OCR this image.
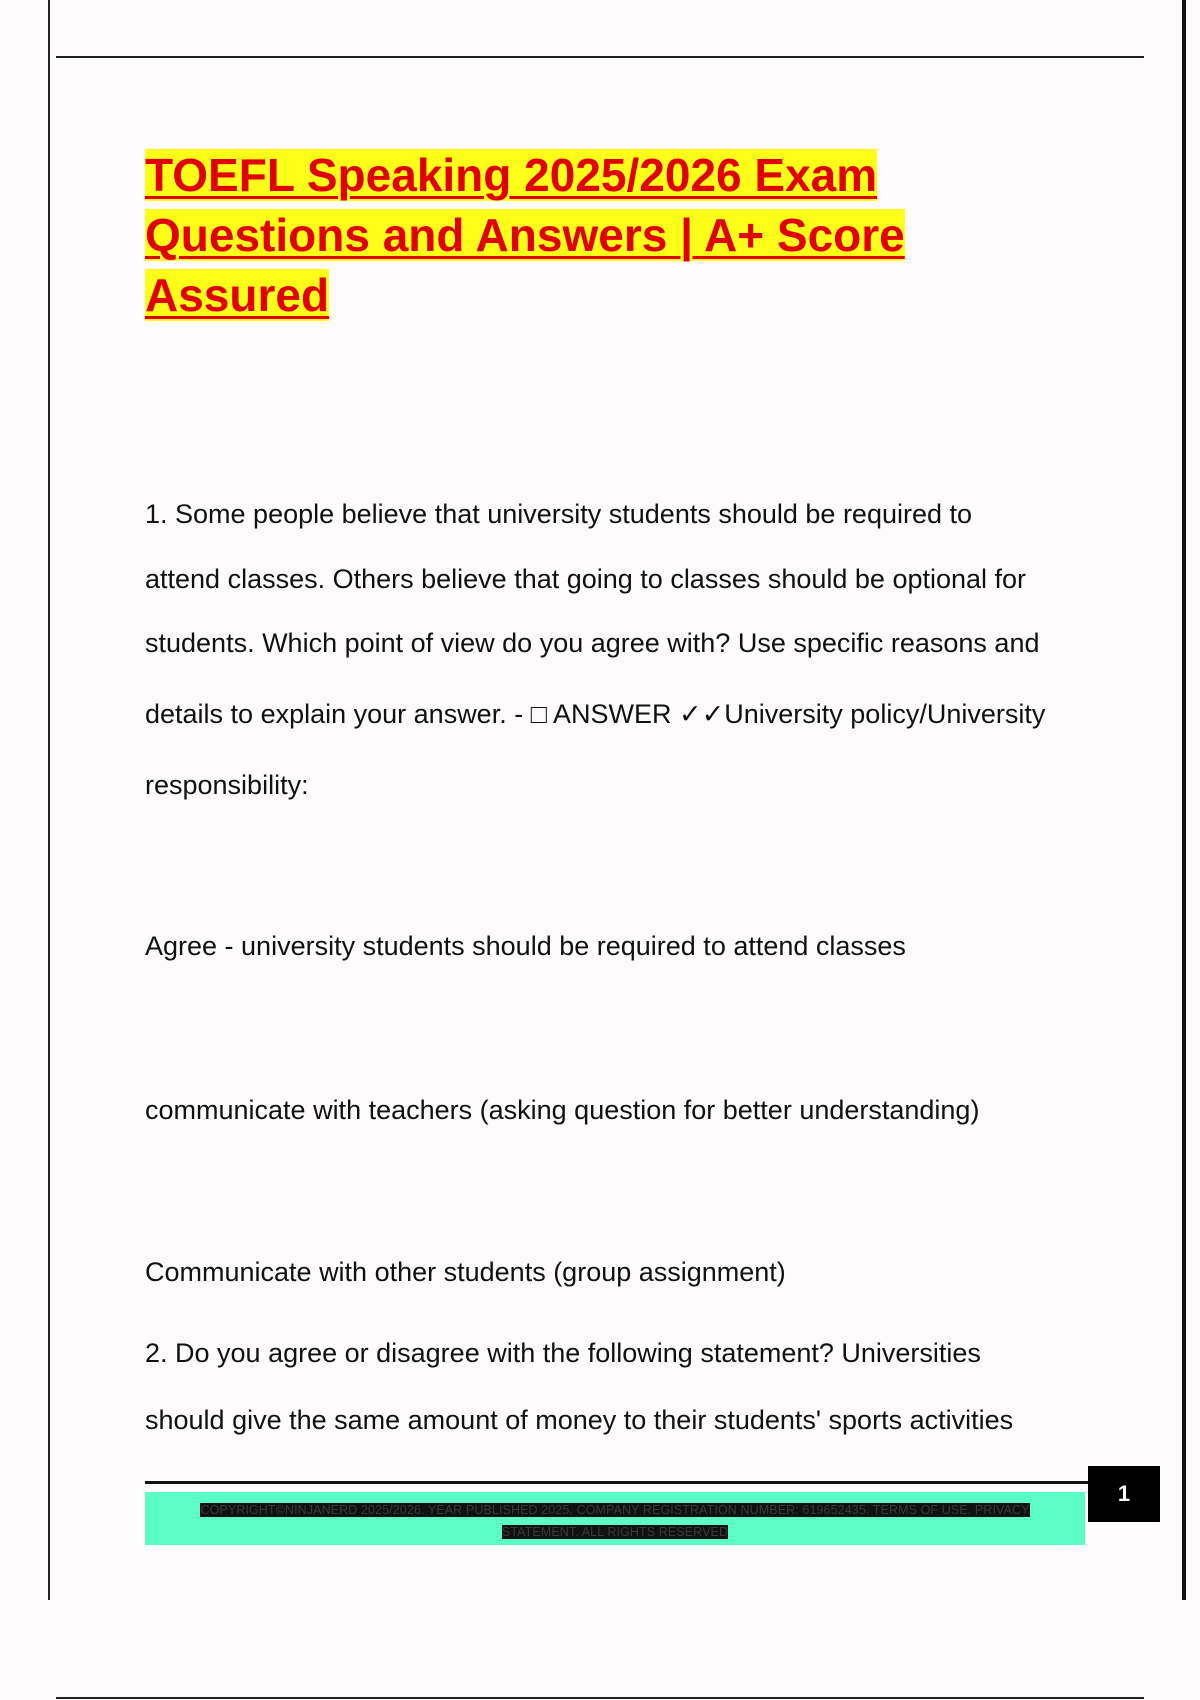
TOEFL Speaking 2025/2026 Exam
Questions and Answers | A+ Score
Assured

1. Some people believe that university students should be required to

attend classes. Others believe that going to classes should be optional for

students. Which point of view do you agree with? Use specific reasons and

details to explain your answer. - □ ANSWER ✓✓University policy/University

responsibility:

Agree - university students should be required to attend classes

communicate with teachers (asking question for better understanding)

Communicate with other students (group assignment)

2. Do you agree or disagree with the following statement? Universities

should give the same amount of money to their students' sports activities

COPYRIGHT©NINJANERD 2025/2026. YEAR PUBLISHED 2025. COMPANY REGISTRATION NUMBER: 619652435. TERMS OF USE. PRIVACY STATEMENT. ALL RIGHTS RESERVED
1
